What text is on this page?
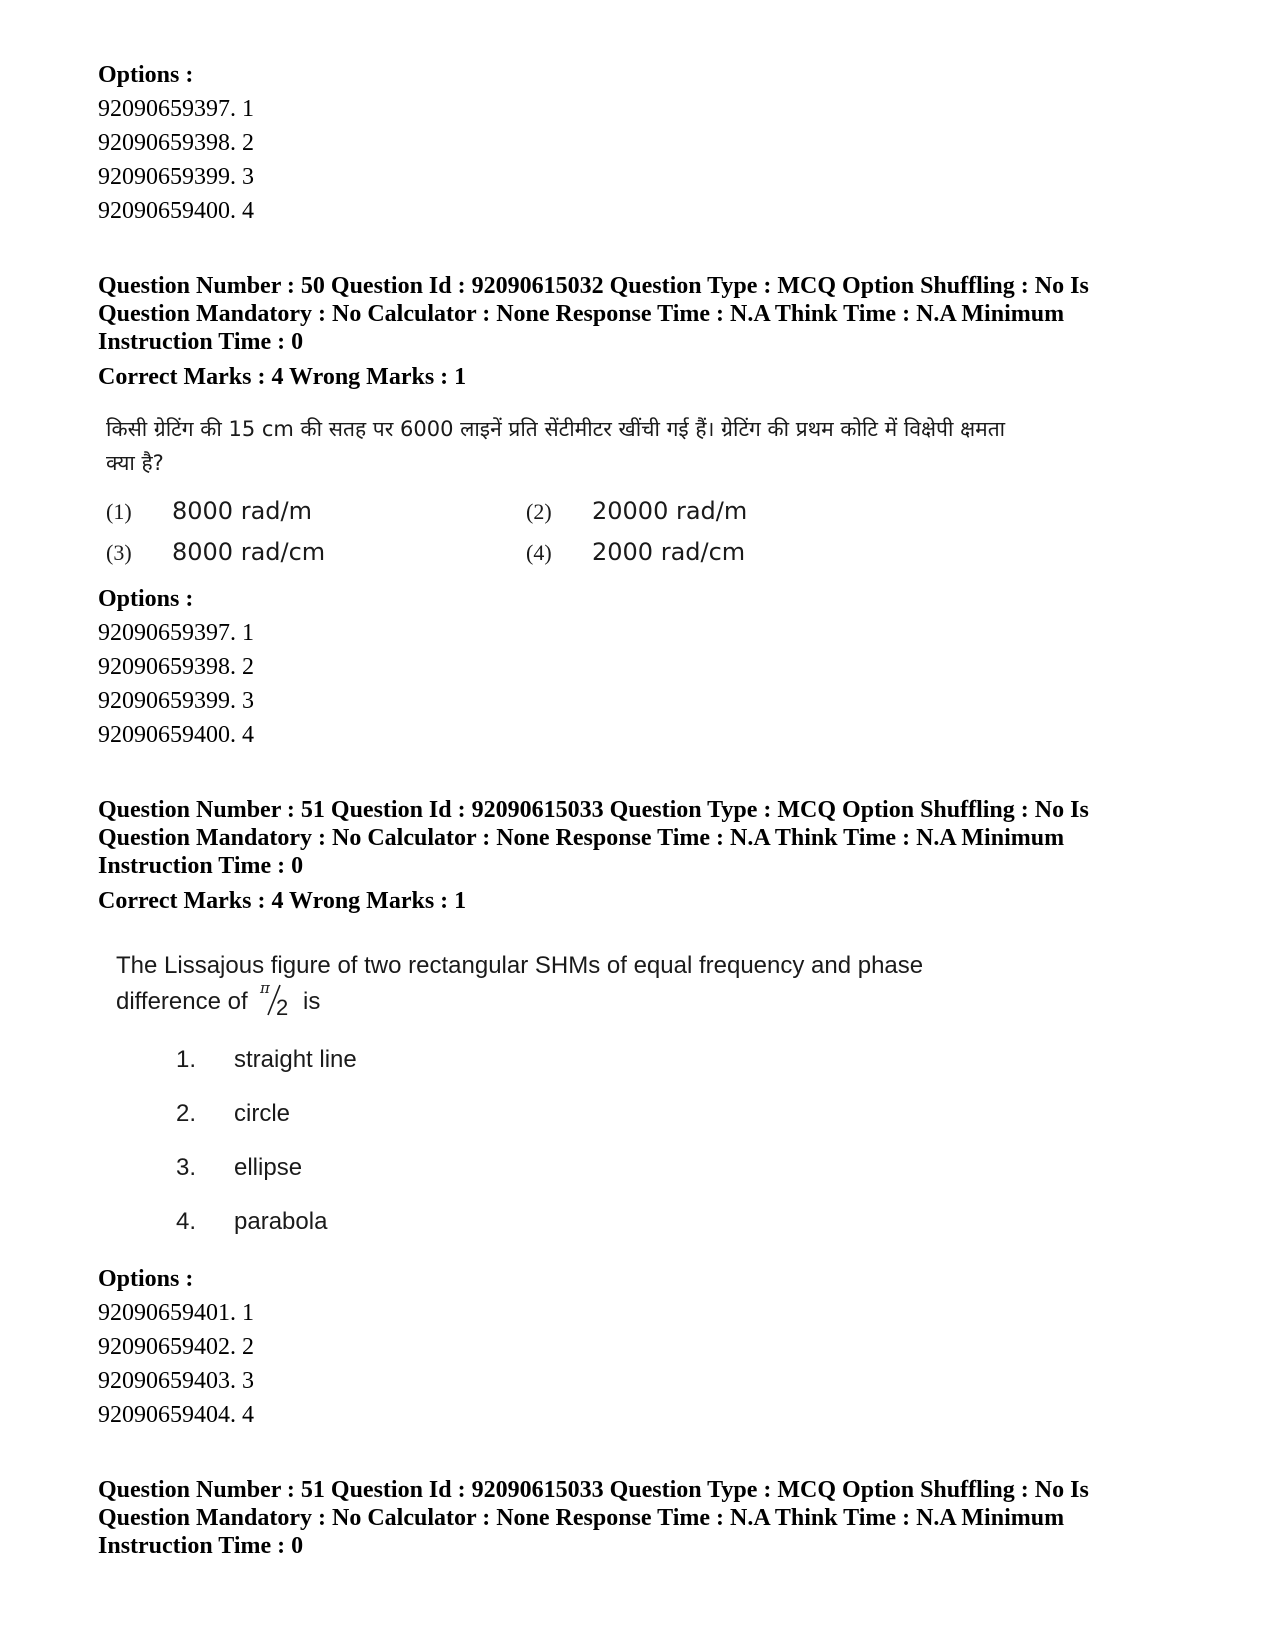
Options :
92090659397. 1
92090659398. 2
92090659399. 3
92090659400. 4
Question Number : 50 Question Id : 92090615032 Question Type : MCQ Option Shuffling : No Is Question Mandatory : No Calculator : None Response Time : N.A Think Time : N.A Minimum Instruction Time : 0
Correct Marks : 4 Wrong Marks : 1
किसी ग्रेटिंग की 15 cm की सतह पर 6000 लाइनें प्रति सेंटीमीटर खींची गई हैं। ग्रेटिंग की प्रथम कोटि में विक्षेपी क्षमता क्या है?
(1)	8000 rad/m	(2)	20000 rad/m
(3)	8000 rad/cm	(4)	2000 rad/cm
Options :
92090659397. 1
92090659398. 2
92090659399. 3
92090659400. 4
Question Number : 51 Question Id : 92090615033 Question Type : MCQ Option Shuffling : No Is Question Mandatory : No Calculator : None Response Time : N.A Think Time : N.A Minimum Instruction Time : 0
Correct Marks : 4 Wrong Marks : 1
The Lissajous figure of two rectangular SHMs of equal frequency and phase difference of π
2 is
1.	straight line
2.	circle
3.	ellipse
4.	parabola
Options :
92090659401. 1
92090659402. 2
92090659403. 3
92090659404. 4
Question Number : 51 Question Id : 92090615033 Question Type : MCQ Option Shuffling : No Is Question Mandatory : No Calculator : None Response Time : N.A Think Time : N.A Minimum Instruction Time : 0
